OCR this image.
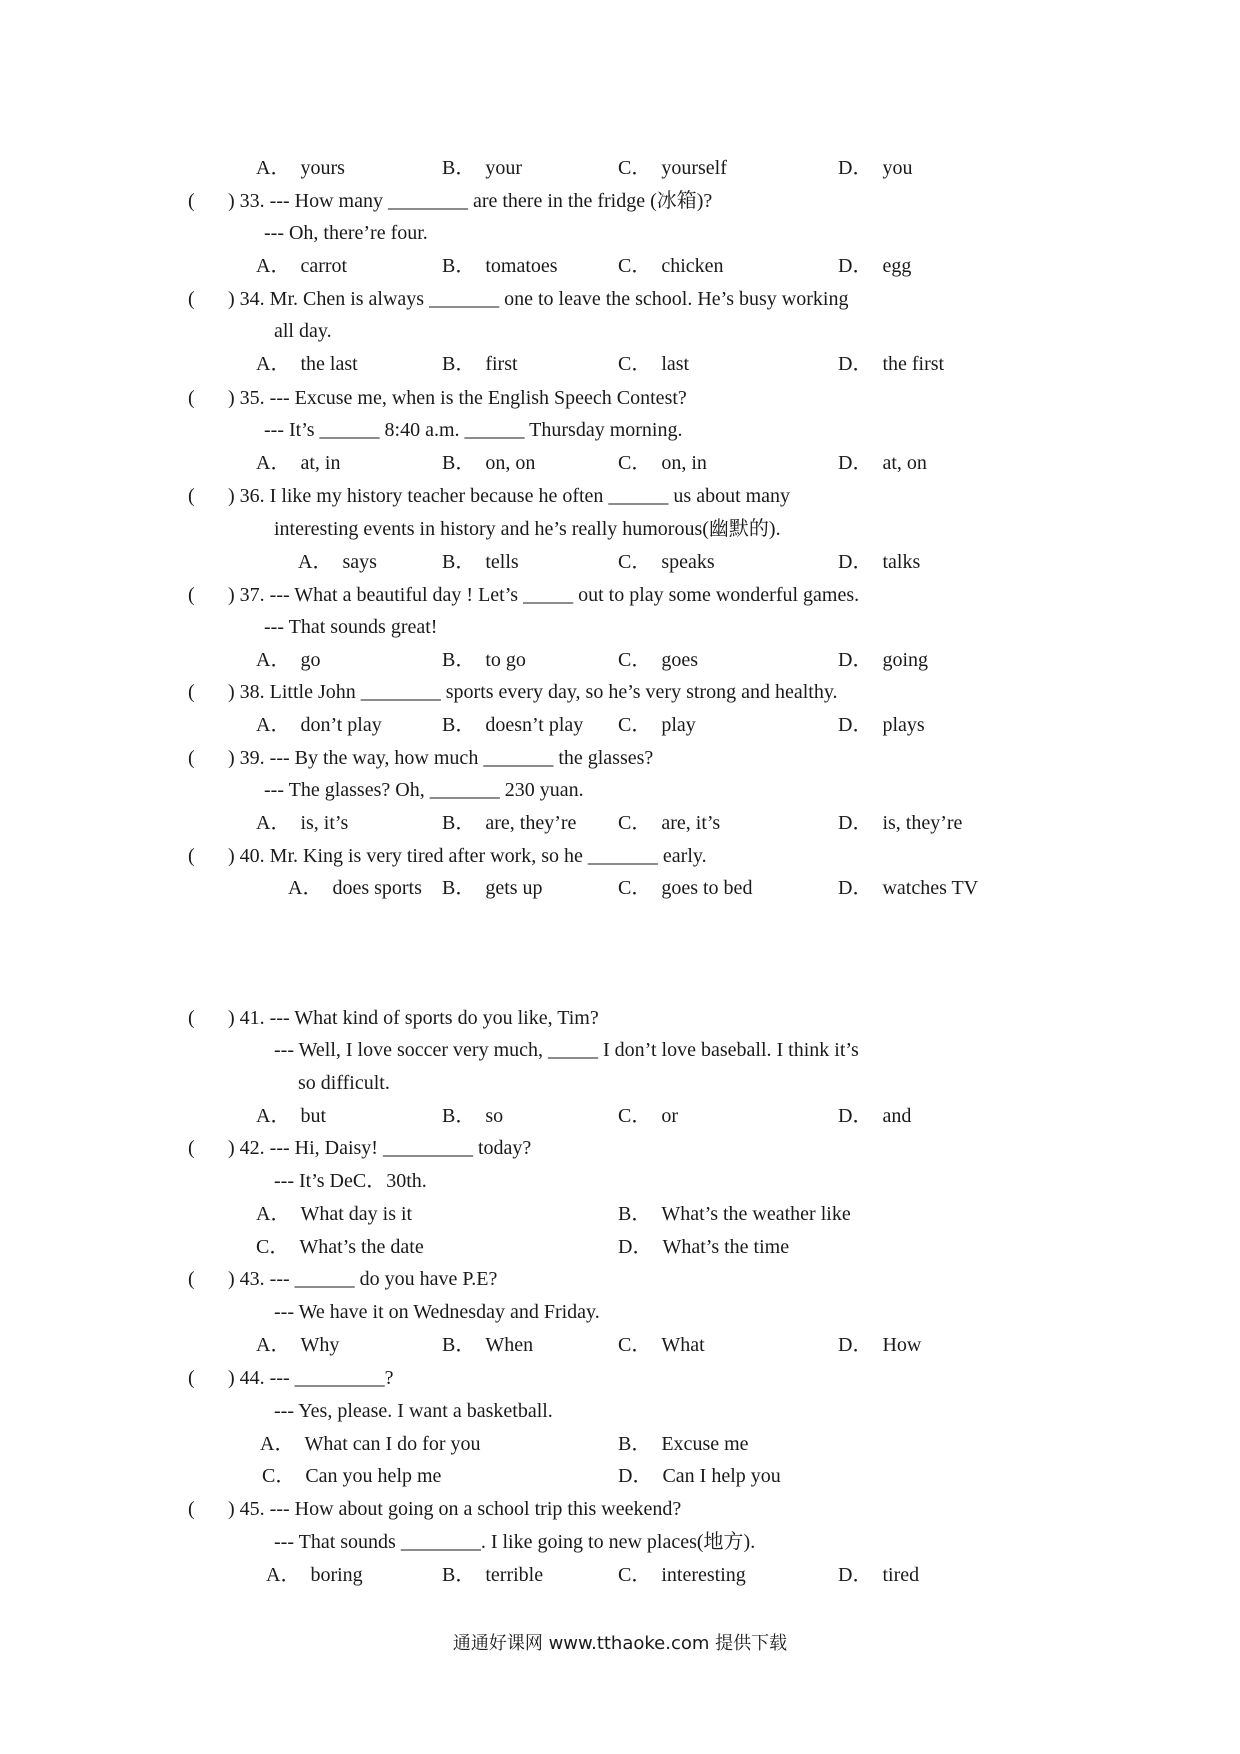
A． yours	B． your	C． yourself	D． you
( ) 33. --- How many ________ are there in the fridge (冰箱)?
--- Oh, there’re four.
A． carrot	B． tomatoes	C． chicken	D． egg
( ) 34. Mr. Chen is always _______ one to leave the school. He’s busy working
all day.
A． the last	B． first	C． last	D． the first
( ) 35. --- Excuse me, when is the English Speech Contest?
--- It’s ______ 8:40 a.m. ______ Thursday morning.
A． at, in	B． on, on	C． on, in	D． at, on
( ) 36. I like my history teacher because he often ______ us about many
interesting events in history and he’s really humorous(幽默的).
A． says	B． tells	C． speaks	D． talks
( ) 37. --- What a beautiful day ! Let’s _____ out to play some wonderful games.
--- That sounds great!
A． go	B． to go	C． goes	D． going
( ) 38. Little John ________ sports every day, so he’s very strong and healthy.
A． don’t play	B． doesn’t play C． play	D． plays
( ) 39. --- By the way, how much _______ the glasses?
--- The glasses? Oh, _______ 230 yuan.
A． is, it’s	B． are, they’re C． are, it’s	D． is, they’re
( ) 40. Mr. King is very tired after work, so he _______ early.
A． does sports B． gets up	C． goes to bed	D． watches TV
( ) 41. --- What kind of sports do you like, Tim?
--- Well, I love soccer very much, _____ I don’t love baseball. I think it’s
so difficult.
A． but	B． so	C． or	D． and
( ) 42. --- Hi, Daisy! _________ today?
--- It’s DeC．30th.
A． What day is it	B． What’s the weather like
C． What’s the date	D． What’s the time
( ) 43. --- ______ do you have P.E?
--- We have it on Wednesday and Friday.
A． Why	B． When	C． What	D． How
( ) 44. --- _________?
--- Yes, please. I want a basketball.
A． What can I do for you	B． Excuse me
C． Can you help me	D． Can I help you
( ) 45. --- How about going on a school trip this weekend?
--- That sounds ________. I like going to new places(地方).
A． boring	B． terrible	C． interesting	D． tired
通通好课网 www.tthaoke.com 提供下载
